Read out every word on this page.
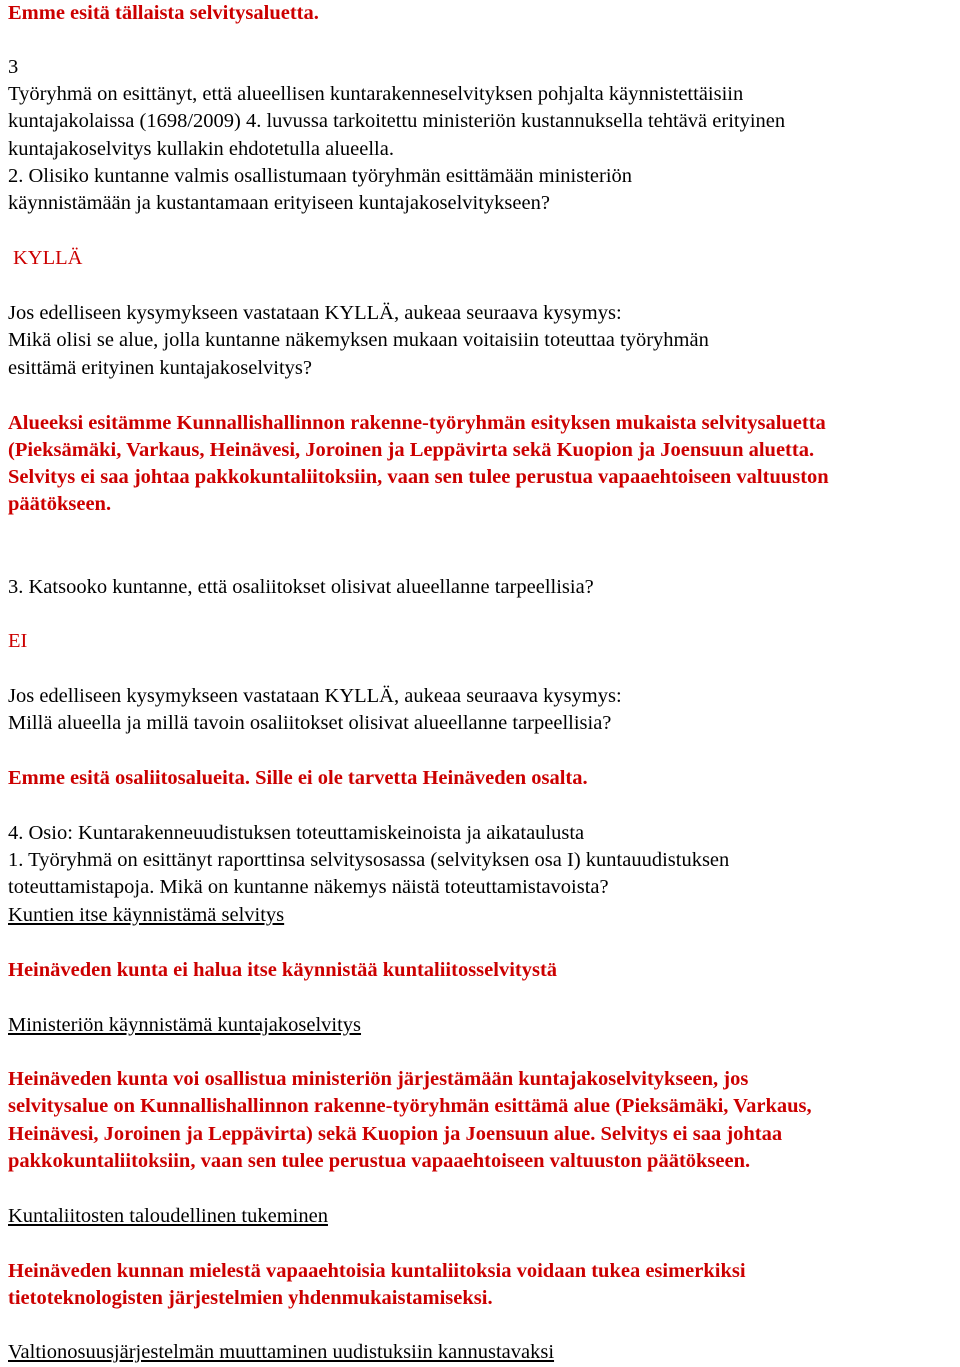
Emme esitä tällaista selvitysaluetta.
3
Työryhmä on esittänyt, että alueellisen kuntarakenneselvityksen pohjalta käynnistettäisiin
kuntajakolaissa (1698/2009) 4. luvussa tarkoitettu ministeriön kustannuksella tehtävä erityinen
kuntajakoselvitys kullakin ehdotetulla alueella.
2. Olisiko kuntanne valmis osallistumaan työryhmän esittämään ministeriön
käynnistämään ja kustantamaan erityiseen kuntajakoselvitykseen?
KYLLÄ
Jos edelliseen kysymykseen vastataan KYLLÄ, aukeaa seuraava kysymys:
Mikä olisi se alue, jolla kuntanne näkemyksen mukaan voitaisiin toteuttaa työryhmän
esittämä erityinen kuntajakoselvitys?
Alueeksi esitämme Kunnallishallinnon rakenne-työryhmän esityksen mukaista selvitysaluetta
(Pieksämäki, Varkaus, Heinävesi, Joroinen ja Leppävirta sekä Kuopion ja Joensuun aluetta.
Selvitys ei saa johtaa pakkokuntaliitoksiin, vaan sen tulee perustua vapaaehtoiseen valtuuston
päätökseen.
3. Katsooko kuntanne, että osaliitokset olisivat alueellanne tarpeellisia?
EI
Jos edelliseen kysymykseen vastataan KYLLÄ, aukeaa seuraava kysymys:
Millä alueella ja millä tavoin osaliitokset olisivat alueellanne tarpeellisia?
Emme esitä osaliitosalueita. Sille ei ole tarvetta Heinäveden osalta.
4. Osio: Kuntarakenneuudistuksen toteuttamiskeinoista ja aikataulusta
1. Työryhmä on esittänyt raporttinsa selvitysosassa (selvityksen osa I) kuntauudistuksen
toteuttamistapoja. Mikä on kuntanne näkemys näistä toteuttamistavoista?
Kuntien itse käynnistämä selvitys
Heinäveden kunta ei halua itse käynnistää kuntaliitosselvitystä
Ministeriön käynnistämä kuntajakoselvitys
Heinäveden kunta voi osallistua ministeriön järjestämään kuntajakoselvitykseen, jos
selvitysalue on Kunnallishallinnon rakenne-työryhmän esittämä alue (Pieksämäki, Varkaus,
Heinävesi, Joroinen ja Leppävirta) sekä Kuopion ja Joensuun alue. Selvitys ei saa johtaa
pakkokuntaliitoksiin, vaan sen tulee perustua vapaaehtoiseen valtuuston päätökseen.
Kuntaliitosten taloudellinen tukeminen
Heinäveden kunnan mielestä vapaaehtoisia kuntaliitoksia voidaan tukea esimerkiksi
tietoteknologisten järjestelmien yhdenmukaistamiseksi.
Valtionosuusjärjestelmän muuttaminen uudistuksiin kannustavaksi
